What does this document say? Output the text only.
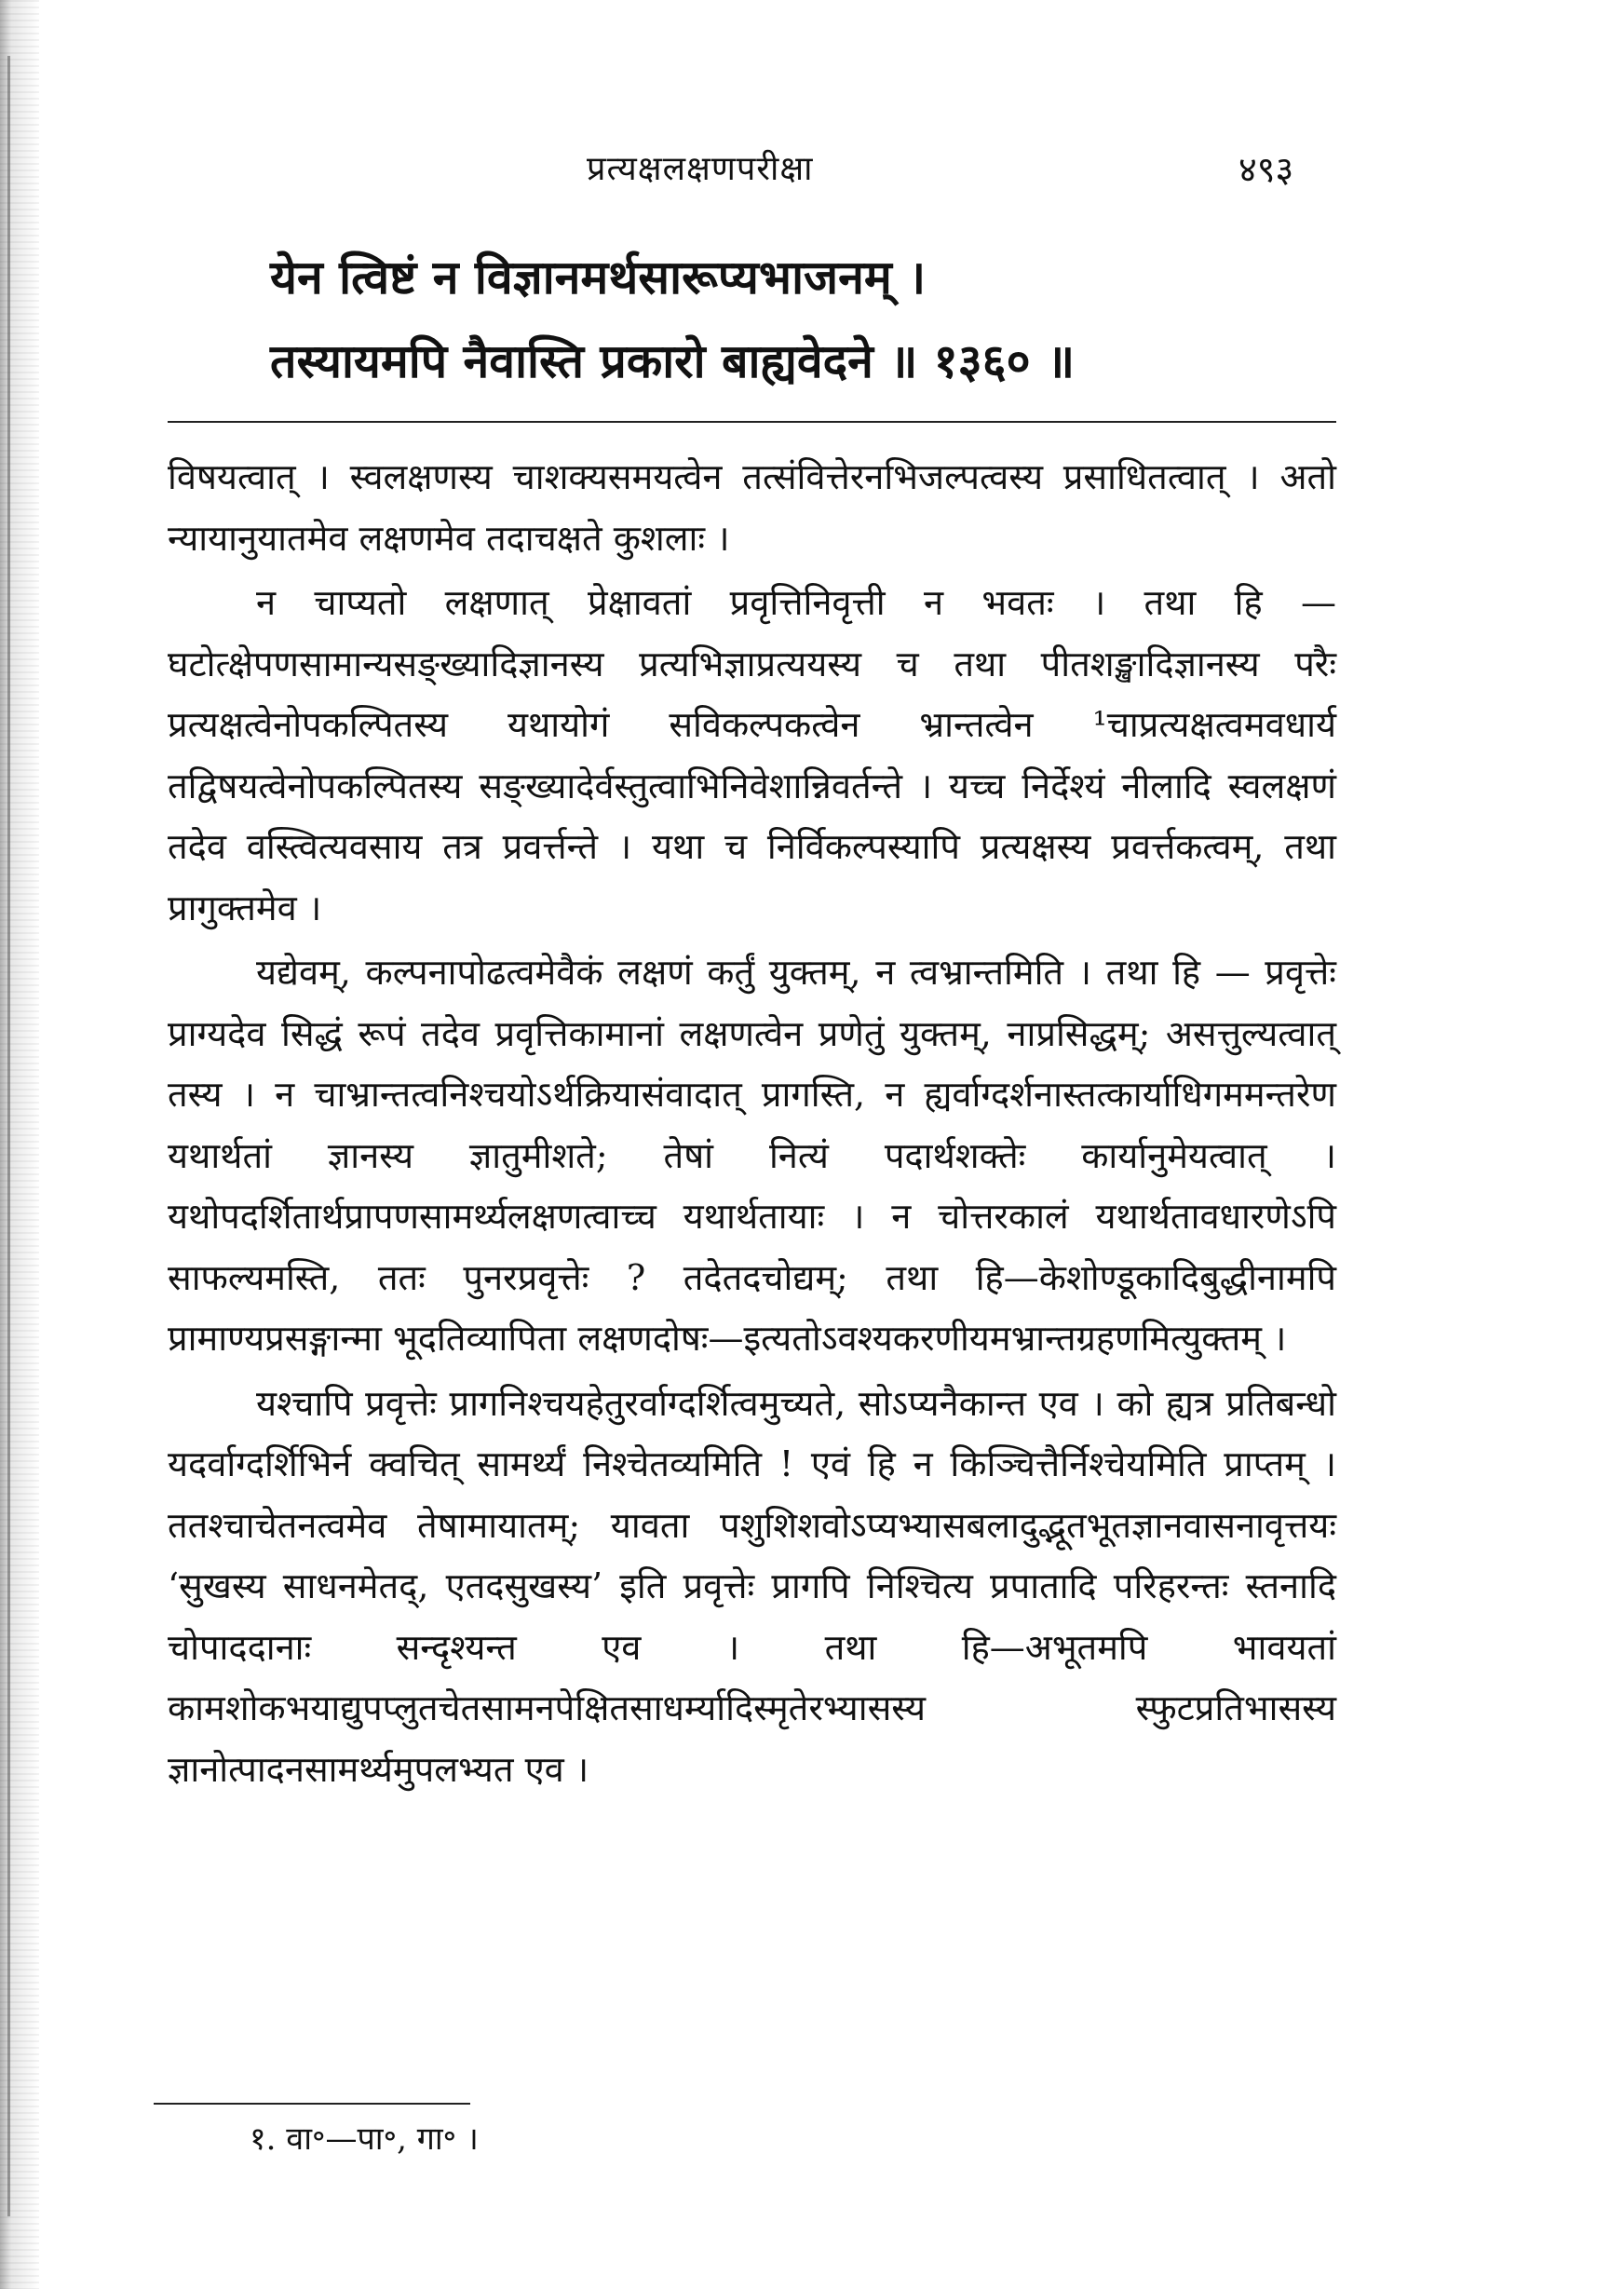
प्रत्यक्षलक्षणपरीक्षा	४९३
येन त्विष्टं न विज्ञानमर्थसारूप्यभाजनम् ।
तस्यायमपि नैवास्ति प्रकारो बाह्यवेदने ॥ १३६० ॥

विषयत्वात् । स्वलक्षणस्य चाशक्यसमयत्वेन तत्संवित्तेरनभिजल्पत्वस्य प्रसाधितत्वात् । अतो न्यायानुयातमेव लक्षणमेव तदाचक्षते कुशलाः ।

न चाप्यतो लक्षणात् प्रेक्षावतां प्रवृत्तिनिवृत्ती न भवतः । तथा हि — घटोत्क्षेपणसामान्यसङ्ख्यादिज्ञानस्य प्रत्यभिज्ञाप्रत्ययस्य च तथा पीतशङ्खादिज्ञानस्य परैः प्रत्यक्षत्वेनोपकल्पितस्य यथायोगं सविकल्पकत्वेन भ्रान्तत्वेन ¹चाप्रत्यक्षत्वमवधार्य तद्विषयत्वेनोपकल्पितस्य सङ्ख्यादेर्वस्तुत्वाभिनिवेशान्निवर्तन्ते । यच्च निर्देश्यं नीलादि स्वलक्षणं तदेव वस्त्वित्यवसाय तत्र प्रवर्त्तन्ते । यथा च निर्विकल्पस्यापि प्रत्यक्षस्य प्रवर्त्तकत्वम्, तथा प्रागुक्तमेव ।

यद्येवम्, कल्पनापोढत्वमेवैकं लक्षणं कर्तुं युक्तम्, न त्वभ्रान्तमिति । तथा हि — प्रवृत्तेः प्राग्यदेव सिद्धं रूपं तदेव प्रवृत्तिकामानां लक्षणत्वेन प्रणेतुं युक्तम्, नाप्रसिद्धम्; असत्तुल्यत्वात् तस्य । न चाभ्रान्तत्वनिश्चयोऽर्थक्रियासंवादात् प्रागस्ति, न ह्यर्वाग्दर्शनास्तत्कार्याधिगममन्तरेण यथार्थतां ज्ञानस्य ज्ञातुमीशते; तेषां नित्यं पदार्थशक्तेः कार्यानुमेयत्वात् । यथोपदर्शितार्थप्रापणसामर्थ्यलक्षणत्वाच्च यथार्थतायाः । न चोत्तरकालं यथार्थतावधारणेऽपि साफल्यमस्ति, ततः पुनरप्रवृत्तेः ? तदेतदचोद्यम्; तथा हि—केशोण्डूकादिबुद्धीनामपि प्रामाण्यप्रसङ्गान्मा भूदतिव्यापिता लक्षणदोषः—इत्यतोऽवश्यकरणीयमभ्रान्तग्रहणमित्युक्तम् ।

यश्चापि प्रवृत्तेः प्रागनिश्चयहेतुरर्वाग्दर्शित्वमुच्यते, सोऽप्यनैकान्त एव । को ह्यत्र प्रतिबन्धो यदर्वाग्दर्शिभिर्न क्वचित् सामर्थ्यं निश्चेतव्यमिति ! एवं हि न किञ्चित्तैर्निश्चेयमिति प्राप्तम् । ततश्चाचेतनत्वमेव तेषामायातम्; यावता पशुशिशवोऽप्यभ्यासबलादुद्भूतभूतज्ञानवासनावृत्तयः ‘सुखस्य साधनमेतद्, एतदसुखस्य’ इति प्रवृत्तेः प्रागपि निश्चित्य प्रपातादि परिहरन्तः स्तनादि चोपाददानाः सन्दृश्यन्त एव । तथा हि—अभूतमपि भावयतां कामशोकभयाद्युपप्लुतचेतसामनपेक्षितसाधर्म्यादिस्मृतेरभ्यासस्य स्फुटप्रतिभासस्य ज्ञानोत्पादनसामर्थ्यमुपलभ्यत एव ।

१. वा॰—पा॰, गा॰ ।
